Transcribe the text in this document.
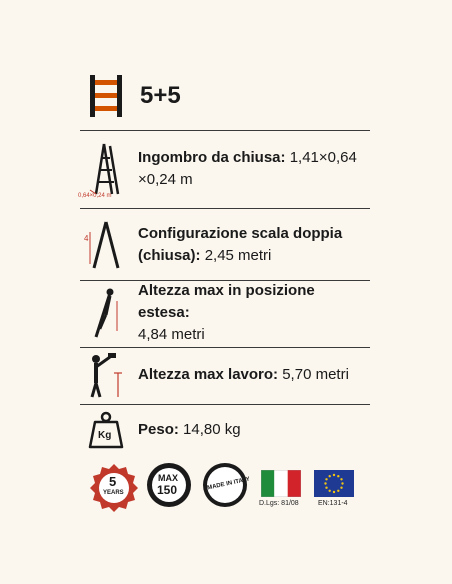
5+5
0,64×0,24 m
Ingombro da chiusa: 1,41×0,64
×0,24 m
4	Configurazione scala doppia
(chiusa): 2,45 metri
Altezza max in posizione estesa:
4,84 metri
Altezza max lavoro: 5,70 metri
Kg Peso: 14,80 kg
5
YEARS
MAX
150	MADE IN ITALY
D.Lgs: 81/08	EN:131-4
